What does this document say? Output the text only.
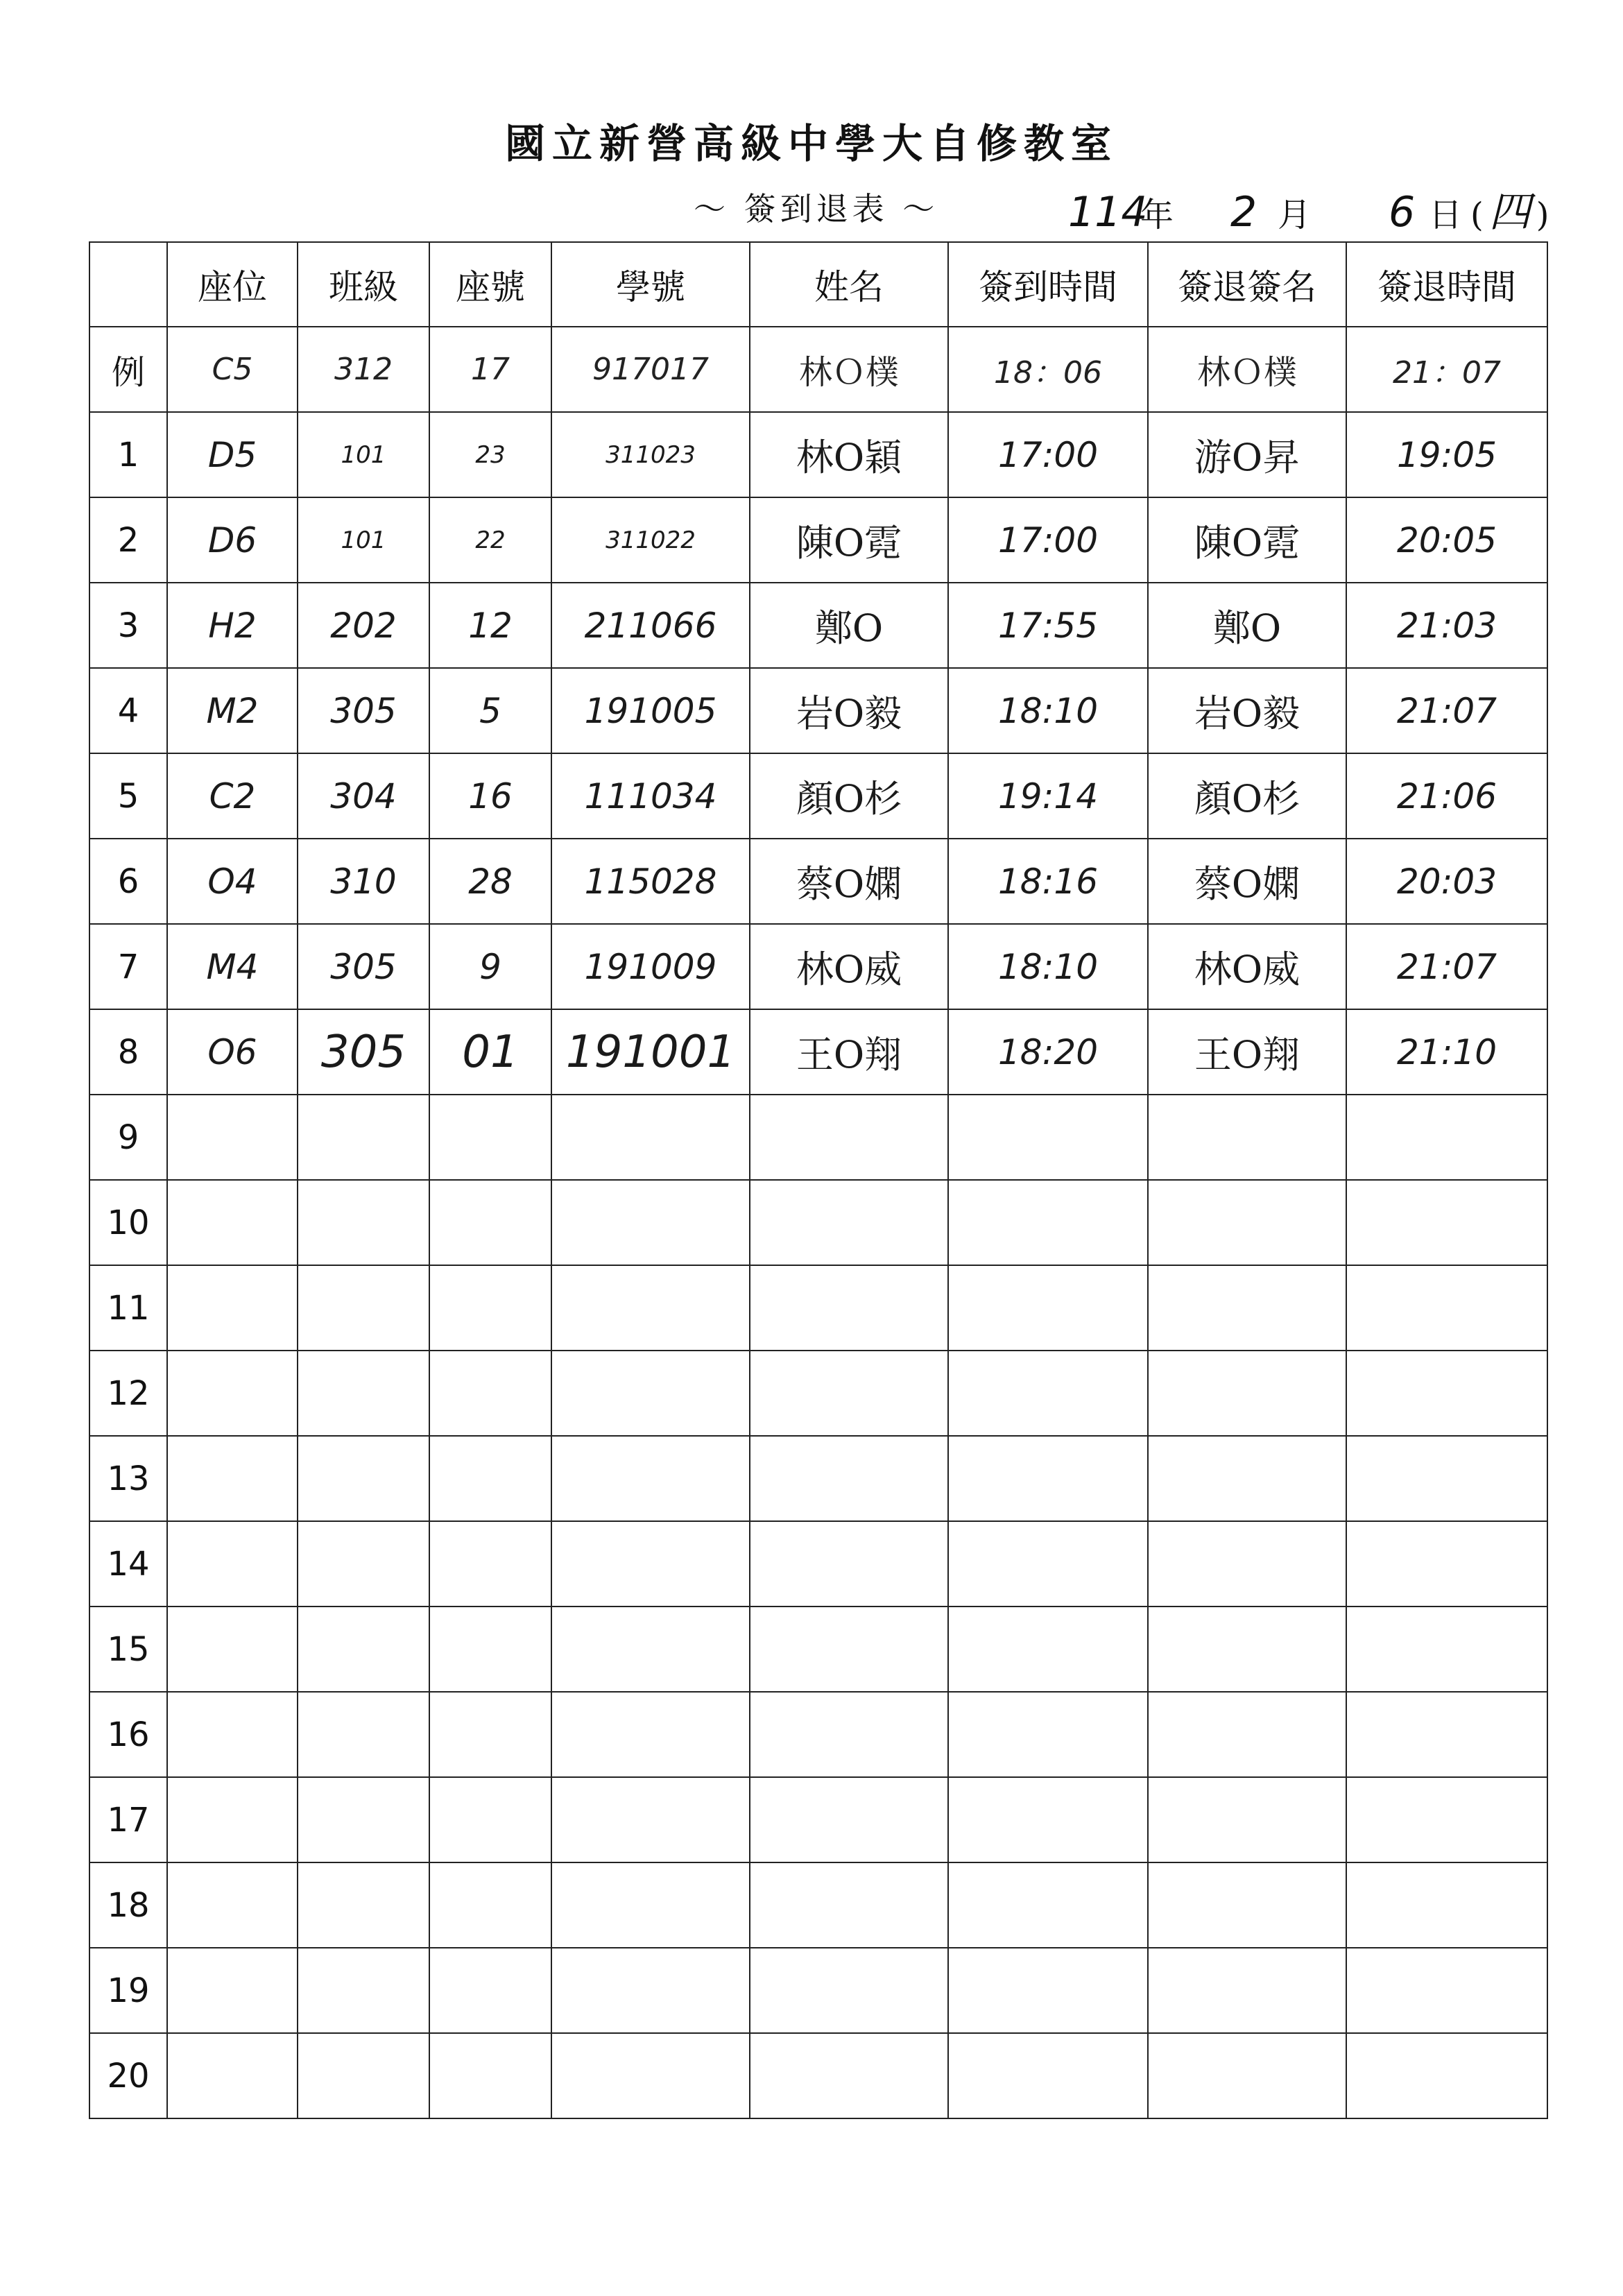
國立新營高級中學大自修教室
～ 簽到退表 ～	114年 2 月 6 日 ( 四 )
	座位	班級	座號	學號	姓名	簽到時間	簽退簽名	簽退時間
例	C5	312	17	917017	林Ｏ樸	18：06	林Ｏ樸	21：07
1	D5	101	23	311023	林O穎	17:00	游O昇	19:05
2	D6	101	22	311022	陳O霓	17:00	陳O霓	20:05
3	H2	202	12	211066	鄭O	17:55	鄭O	21:03
4	M2	305	5	191005	岩O毅	18:10	岩O毅	21:07
5	C2	304	16	111034	顏O杉	19:14	顏O杉	21:06
6	O4	310	28	115028	蔡O嫻	18:16	蔡O嫻	20:03
7	M4	305	9	191009	林O威	18:10	林O威	21:07
8	O6	305	01	191001	王O翔	18:20	王O翔	21:10
9								
10								
11								
12								
13								
14								
15								
16								
17								
18								
19								
20								
